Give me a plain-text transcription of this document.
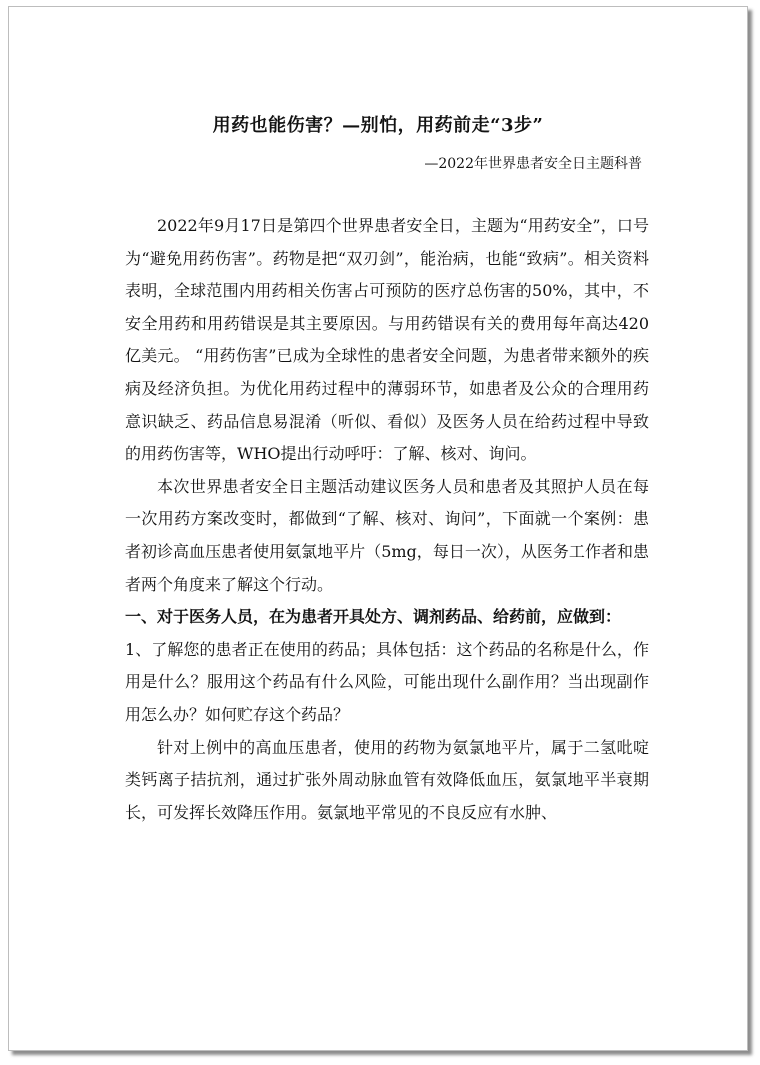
用药也能伤害？—别怕，用药前走“3步”
—2022年世界患者安全日主题科普

2022年9月17日是第四个世界患者安全日，主题为“用药安全”，口号为“避免用药伤害”。药物是把“双刃剑”，能治病，也能“致病”。相关资料表明，全球范围内用药相关伤害占可预防的医疗总伤害的50%，其中，不安全用药和用药错误是其主要原因。与用药错误有关的费用每年高达420亿美元。 “用药伤害”已成为全球性的患者安全问题，为患者带来额外的疾病及经济负担。为优化用药过程中的薄弱环节，如患者及公众的合理用药意识缺乏、药品信息易混淆（听似、看似）及医务人员在给药过程中导致的用药伤害等，WHO提出行动呼吁：了解、核对、询问。

本次世界患者安全日主题活动建议医务人员和患者及其照护人员在每一次用药方案改变时，都做到“了解、核对、询问”，下面就一个案例：患者初诊高血压患者使用氨氯地平片（5mg，每日一次），从医务工作者和患者两个角度来了解这个行动。

一、对于医务人员，在为患者开具处方、调剂药品、给药前，应做到：

1、了解您的患者正在使用的药品；具体包括：这个药品的名称是什么，作用是什么？服用这个药品有什么风险，可能出现什么副作用？当出现副作用怎么办？如何贮存这个药品？

针对上例中的高血压患者，使用的药物为氨氯地平片，属于二氢吡啶类钙离子拮抗剂，通过扩张外周动脉血管有效降低血压，氨氯地平半衰期长，可发挥长效降压作用。氨氯地平常见的不良反应有水肿、
